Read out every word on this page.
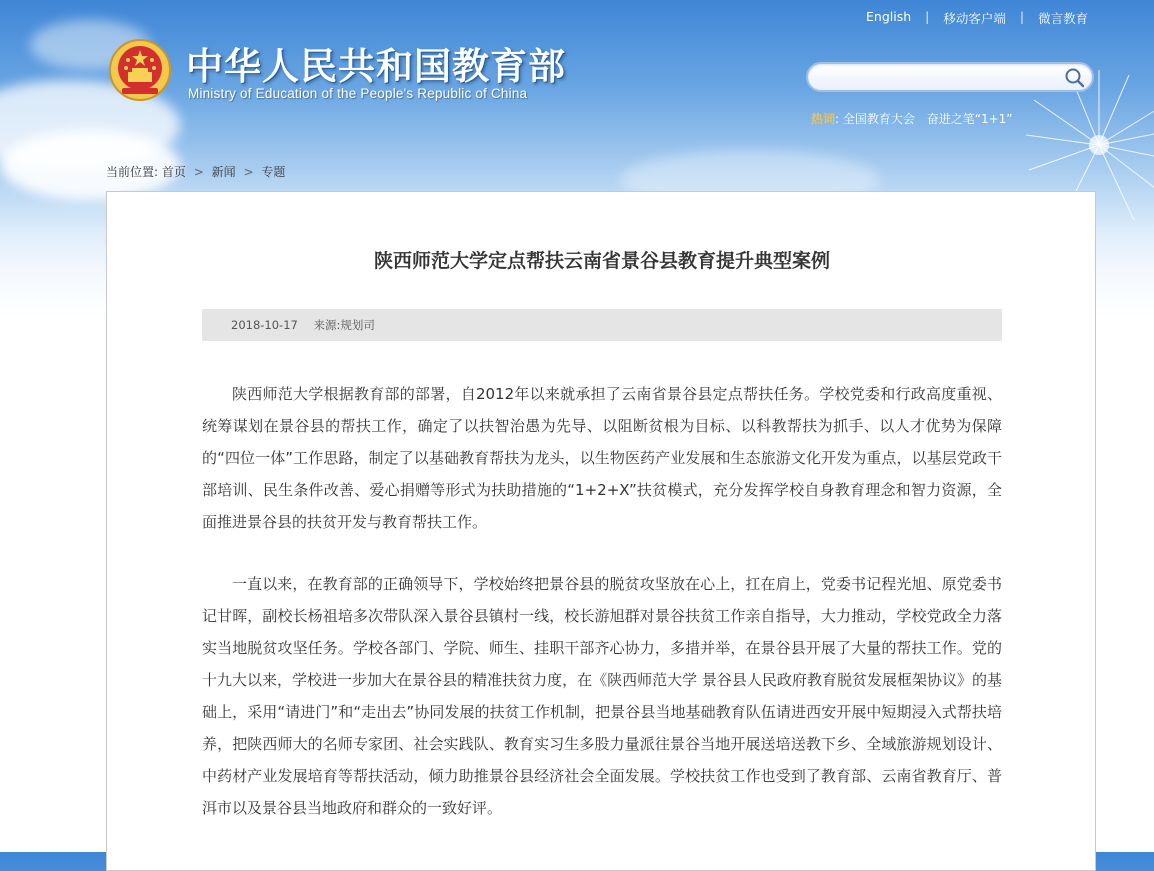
中华人民共和国教育部
Ministry of Education of the People's Republic of China
English | 移动客户端 | 微言教育
热词: 全国教育大会 奋进之笔“1+1”
当前位置: 首页 > 新闻 > 专题
陕西师范大学定点帮扶云南省景谷县教育提升典型案例
2018-10-17 来源:规划司

陕西师范大学根据教育部的部署，自2012年以来就承担了云南省景谷县定点帮扶任务。学校党委和行政高度重视、统筹谋划在景谷县的帮扶工作，确定了以扶智治愚为先导、以阻断贫根为目标、以科教帮扶为抓手、以人才优势为保障的“四位一体”工作思路，制定了以基础教育帮扶为龙头，以生物医药产业发展和生态旅游文化开发为重点，以基层党政干部培训、民生条件改善、爱心捐赠等形式为扶助措施的“1+2+X”扶贫模式，充分发挥学校自身教育理念和智力资源，全面推进景谷县的扶贫开发与教育帮扶工作。

一直以来，在教育部的正确领导下，学校始终把景谷县的脱贫攻坚放在心上，扛在肩上，党委书记程光旭、原党委书记甘晖，副校长杨祖培多次带队深入景谷县镇村一线，校长游旭群对景谷扶贫工作亲自指导，大力推动，学校党政全力落实当地脱贫攻坚任务。学校各部门、学院、师生、挂职干部齐心协力，多措并举，在景谷县开展了大量的帮扶工作。党的十九大以来，学校进一步加大在景谷县的精准扶贫力度，在《陕西师范大学 景谷县人民政府教育脱贫发展框架协议》的基础上，采用“请进门”和“走出去”协同发展的扶贫工作机制，把景谷县当地基础教育队伍请进西安开展中短期浸入式帮扶培养，把陕西师大的名师专家团、社会实践队、教育实习生多股力量派往景谷当地开展送培送教下乡、全域旅游规划设计、中药材产业发展培育等帮扶活动，倾力助推景谷县经济社会全面发展。学校扶贫工作也受到了教育部、云南省教育厅、普洱市以及景谷县当地政府和群众的一致好评。
